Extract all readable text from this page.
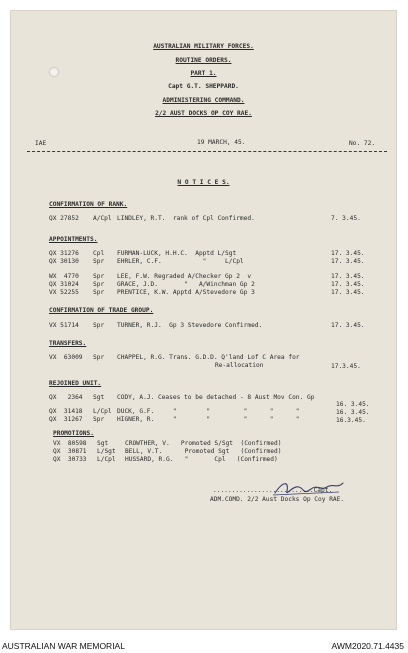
AUSTRALIAN MILITARY FORCES.
ROUTINE ORDERS.
PART 1.
Capt G.T. SHEPPARD.
ADMINISTERING COMMAND.
2/2 AUST DOCKS OP COY RAE.
IAE	19 MARCH, 45.	No. 72.
N O T I C E S.
CONFIRMATION OF RANK.
QX 27852 A/Cpl LINDLEY, R.T.  rank of Cpl Confirmed.	7. 3.45.
APPOINTMENTS.
QX 31276 Cpl FURMAN-LUCK, H.H.C.  Apptd L/Sgt	17. 3.45.
QX 30130 Spr EHRLER, C.F.           "     L/Cpl	17. 3.45.
WX  4770 Spr LEE, F.W. Regraded A/Checker Gp 2  v	17. 3.45.
QX 31024 Spr GRACE, J.D.       "   A/Winchman Gp 2	17. 3.45.
VX 52255 Spr PRENTICE, K.W. Apptd A/Stevedore Gp 3	17. 3.45.
CONFIRMATION OF TRADE GROUP.
VX 51714 Spr TURNER, R.J.  Gp 3 Stevedore Confirmed.	17. 3.45.
TRANSFERS.
VX  63009 Spr CHAPPEL, R.G. Trans. G.D.D. Q'land Lof C Area for
Re-allocation	17.3.45.
REJOINED UNIT.
QX   2364 Sgt CODY, A.J. Ceases to be detached - 8 Aust Mov Con. Gp
16. 3.45.
QX  31418 L/Cpl DUCK, G.F.     "        "         "      "      "	16. 3.45.
QX  31267 Spr HIGNER, R.     "        "         "      "      "	16.3.45.
PROMOTIONS.
VX  80598 Sgt	CROWTHER, V.   Promoted S/Sgt  (Confirmed)
QX  30871 L/Sgt BELL, V.T.      Promoted Sgt   (Confirmed)
QX  30733 L/Cpl HUSSARD, R.G.   "       Cpl   (Confirmed)
...........................Capt.
ADM.COMD. 2/2 Aust Docks Op Coy RAE.
AUSTRALIAN WAR MEMORIAL	AWM2020.71.4435
